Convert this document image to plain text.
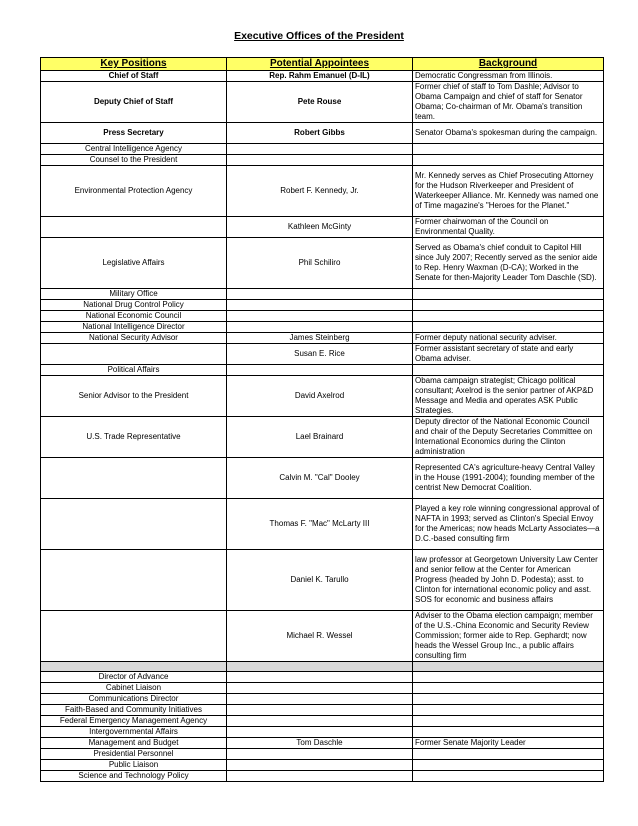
Executive Offices of the President
Key Positions	Potential Appointees	Background
Chief of Staff	Rep. Rahm Emanuel (D-IL)	Democratic Congressman from Illinois.
Deputy Chief of Staff	Pete Rouse	Former chief of staff to Tom Dashle; Advisor to Obama Campaign and chief of staff for Senator Obama; Co-chairman of Mr. Obama's transition team.
Press Secretary	Robert Gibbs	Senator Obama's spokesman during the campaign.
Central Intelligence Agency		
Counsel to the President		
Environmental Protection Agency	Robert F. Kennedy, Jr.	Mr. Kennedy serves as Chief Prosecuting Attorney for the Hudson Riverkeeper and President of Waterkeeper Alliance. Mr. Kennedy was named one of Time magazine's "Heroes for the Planet."
	Kathleen McGinty	Former chairwoman of the Council on Environmental Quality.
Legislative Affairs	Phil Schiliro	Served as Obama's chief conduit to Capitol Hill since July 2007; Recently served as the senior aide to Rep. Henry Waxman (D-CA); Worked in the Senate for then-Majority Leader Tom Daschle (SD).
Military Office		
National Drug Control Policy		
National Economic Council		
National Intelligence Director		
National Security Advisor	James Steinberg	Former deputy national security adviser.
	Susan E. Rice	Former assistant secretary of state and early Obama adviser.
Political Affairs		
Senior Advisor to the President	David Axelrod	Obama campaign strategist; Chicago political consultant; Axelrod is the senior partner of AKP&D Message and Media and operates ASK Public Strategies.
U.S. Trade Representative	Lael Brainard	Deputy director of the National Economic Council and chair of the Deputy Secretaries Committee on International Economics during the Clinton administration
	Calvin M. "Cal" Dooley	Represented CA's agriculture-heavy Central Valley in the House (1991-2004); founding member of the centrist New Democrat Coalition.
	Thomas F. "Mac" McLarty III	Played a key role winning congressional approval of NAFTA in 1993; served as Clinton's Special Envoy for the Americas; now heads McLarty Associates—a D.C.-based consulting firm
	Daniel K. Tarullo	law professor at Georgetown University Law Center and senior fellow at the Center for American Progress (headed by John D. Podesta); asst. to Clinton for international economic policy and asst. SOS for economic and business affairs
	Michael R. Wessel	Adviser to the Obama election campaign; member of the U.S.-China Economic and Security Review Commission; former aide to Rep. Gephardt; now heads the Wessel Group Inc., a public affairs consulting firm

Director of Advance		
Cabinet Liaison		
Communications Director		
Faith-Based and Community Initiatives		
Federal Emergency Management Agency		
Intergovernmental Affairs		
Management and Budget	Tom Daschle	Former Senate Majority Leader
Presidential Personnel		
Public Liaison		
Science and Technology Policy		
